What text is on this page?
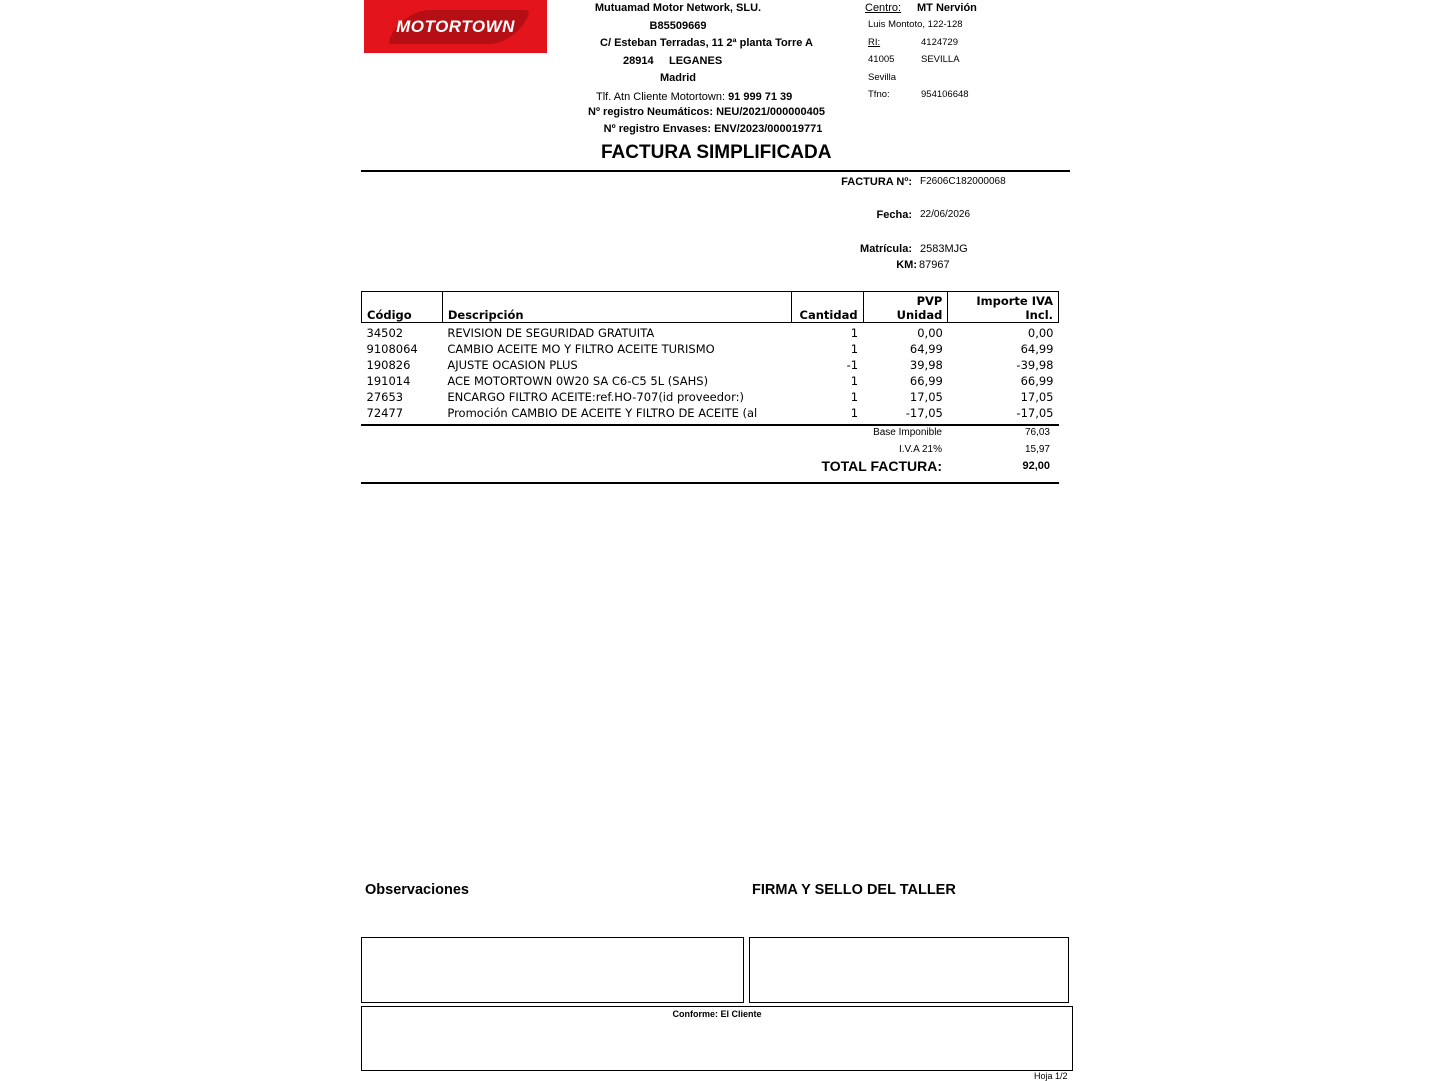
MOTORTOWN
Mutuamad Motor Network, SLU.
B85509669
C/ Esteban Terradas, 11 2ª planta Torre A
28914 LEGANES
Madrid
Tlf. Atn Cliente Motortown: 91 999 71 39
Nº registro Neumáticos: NEU/2021/000000405
Nº registro Envases: ENV/2023/000019771
Centro: MT Nervión
Luis Montoto, 122-128
RI:	4124729
41005	SEVILLA
Sevilla
Tfno:	954106648
FACTURA SIMPLIFICADA
FACTURA Nº: F2606C182000068
Fecha: 22/06/2026
Matrícula: 2583MJG
KM: 87967
Código	Descripción	Cantidad	PVP Unidad	Importe IVA Incl.

34502	REVISION DE SEGURIDAD GRATUITA	1	0,00	0,00
9108064	CAMBIO ACEITE MO Y FILTRO ACEITE TURISMO	1	64,99	64,99
190826	AJUSTE OCASION PLUS	-1	39,98	-39,98
191014	ACE MOTORTOWN 0W20 SA C6-C5 5L (SAHS)	1	66,99	66,99
27653	ENCARGO FILTRO ACEITE:ref.HO-707(id proveedor:)	1	17,05	17,05
72477	Promoción CAMBIO DE ACEITE Y FILTRO DE ACEITE (al	1	-17,05	-17,05
Base Imponible	76,03
I.V.A 21%	15,97
TOTAL FACTURA:	92,00
Observaciones	FIRMA Y SELLO DEL TALLER
Conforme: El Cliente
Hoja 1/2
